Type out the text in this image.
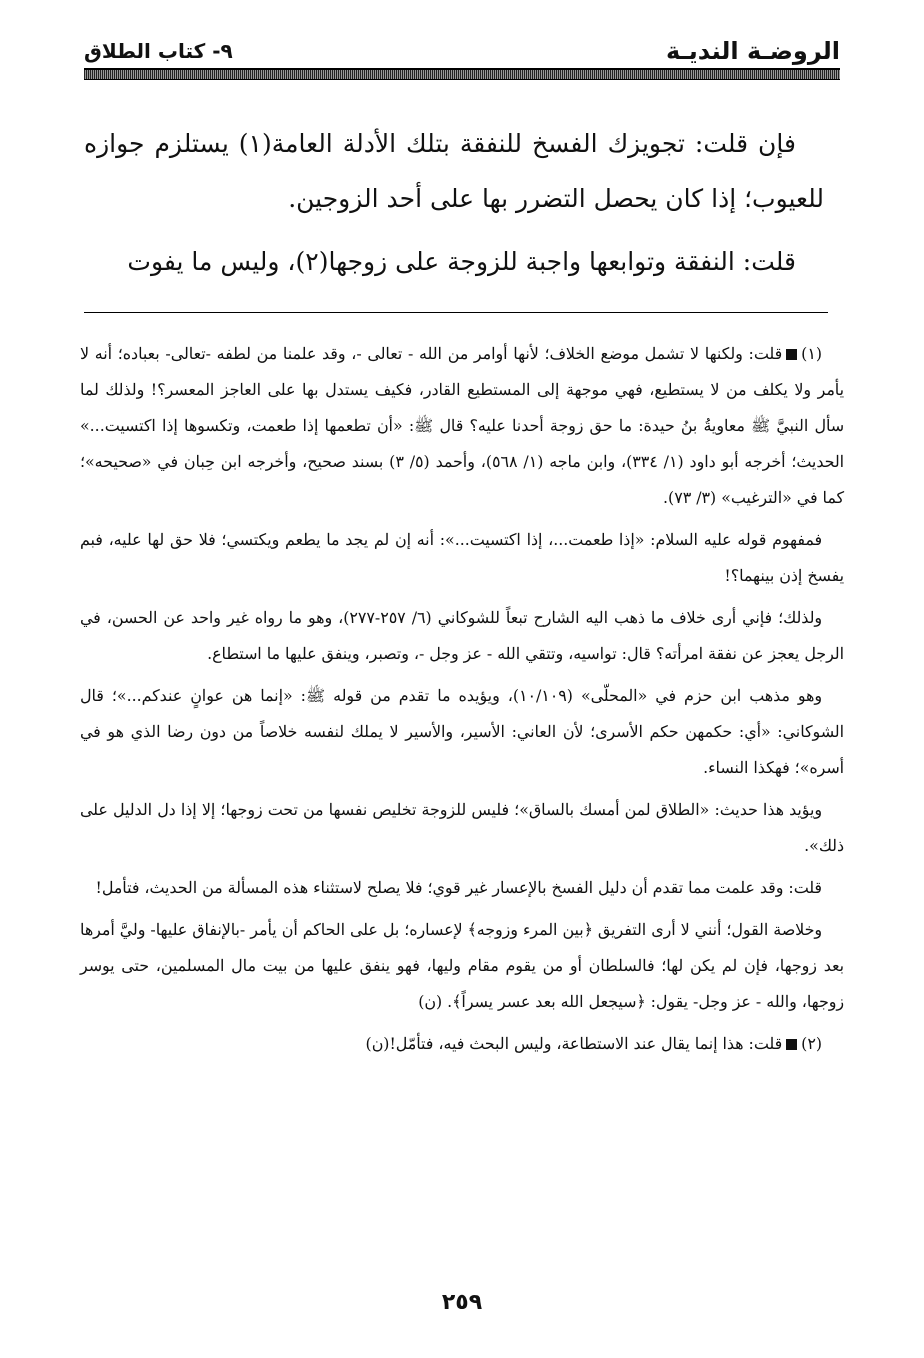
الروضـة النديـة
٩- كتاب الطلاق

فإن قلت: تجويزك الفسخ للنفقة بتلك الأدلة العامة(١) يستلزم جوازه للعيوب؛ إذا كان يحصل التضرر بها على أحد الزوجين.

قلت: النفقة وتوابعها واجبة للزوجة على زوجها(٢)، وليس ما يفوت

(١)قلت: ولكنها لا تشمل موضع الخلاف؛ لأنها أوامر من الله - تعالى -، وقد علمنا من لطفه -تعالى- بعباده؛ أنه لا يأمر ولا يكلف من لا يستطيع، فهي موجهة إلى المستطيع القادر، فكيف يستدل بها على العاجز المعسر؟! ولذلك لما سأل النبيَّ ﷺ معاويةُ بنُ حيدة: ما حق زوجة أحدنا عليه؟ قال ﷺ: «أن تطعمها إذا طعمت، وتكسوها إذا اكتسيت...» الحديث؛ أخرجه أبو داود (١/ ٣٣٤)، وابن ماجه (١/ ٥٦٨)، وأحمد (٥/ ٣) بسند صحيح، وأخرجه ابن حِبان في «صحيحه»؛ كما في «الترغيب» (٣/ ٧٣).

فمفهوم قوله عليه السلام: «إذا طعمت...، إذا اكتسيت...»: أنه إن لم يجد ما يطعم ويكتسي؛ فلا حق لها عليه، فبم يفسخ إذن بينهما؟!

ولذلك؛ فإني أرى خلاف ما ذهب اليه الشارح تبعاً للشوكاني (٦/ ٢٥٧-٢٧٧)، وهو ما رواه غير واحد عن الحسن، في الرجل يعجز عن نفقة امرأته؟ قال: تواسيه، وتتقي الله - عز وجل -، وتصبر، وينفق عليها ما استطاع.

وهو مذهب ابن حزم في «المحلّى» (١٠/١٠٩)، ويؤيده ما تقدم من قوله ﷺ: «إنما هن عوانٍ عندكم...»؛ قال الشوكاني: «أي: حكمهن حكم الأسرى؛ لأن العاني: الأسير، والأسير لا يملك لنفسه خلاصاً من دون رضا الذي هو في أسره»؛ فهكذا النساء.

ويؤيد هذا حديث: «الطلاق لمن أمسك بالساق»؛ فليس للزوجة تخليص نفسها من تحت زوجها؛ إلا إذا دل الدليل على ذلك».

قلت: وقد علمت مما تقدم أن دليل الفسخ بالإعسار غير قوي؛ فلا يصلح لاستثناء هذه المسألة من الحديث، فتأمل!

وخلاصة القول؛ أنني لا أرى التفريق ﴿بين المرء وزوجه﴾ لإعساره؛ بل على الحاكم أن يأمر -بالإنفاق عليها- وليَّ أمرها بعد زوجها، فإن لم يكن لها؛ فالسلطان أو من يقوم مقام وليها، فهو ينفق عليها من بيت مال المسلمين، حتى يوسر زوجها، والله - عز وجل- يقول: ﴿سيجعل الله بعد عسر يسراً﴾. (ن)

(٢)قلت: هذا إنما يقال عند الاستطاعة، وليس البحث فيه، فتأمّل!(ن)

٢٥٩
